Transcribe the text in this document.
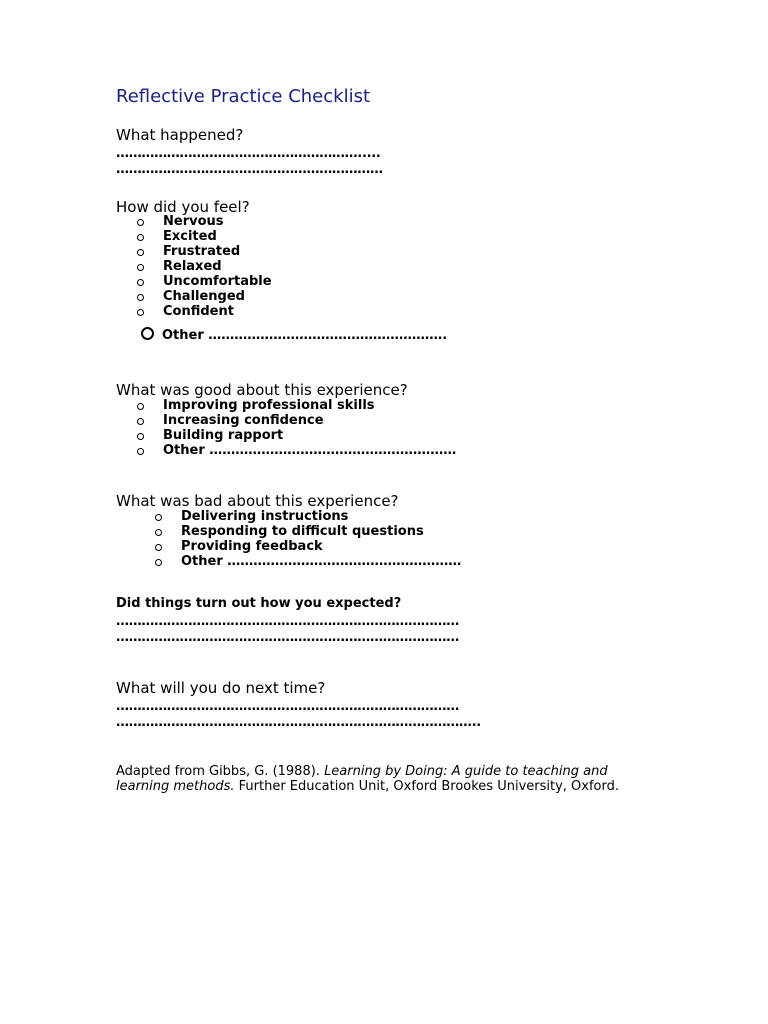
Reflective Practice Checklist
What happened?
………………………………………………….....
………………………………………………………
How did you feel?
Nervous
Excited
Frustrated
Relaxed
Uncomfortable
Challenged
Confident
Other ……………………………………………….
What was good about this experience?
Improving professional skills
Increasing confidence
Building rapport
Other …………………………………………………
What was bad about this experience?
Delivering instructions
Responding to difficult questions
Providing feedback
Other ………………………………………………
Did things turn out how you expected?
………………………………………………………………………
………………………………………………………………………
What will you do next time?
………………………………………………………………………
…………………………………………………………………………..
Adapted from Gibbs, G. (1988). Learning by Doing: A guide to teaching and learning methods. Further Education Unit, Oxford Brookes University, Oxford.
